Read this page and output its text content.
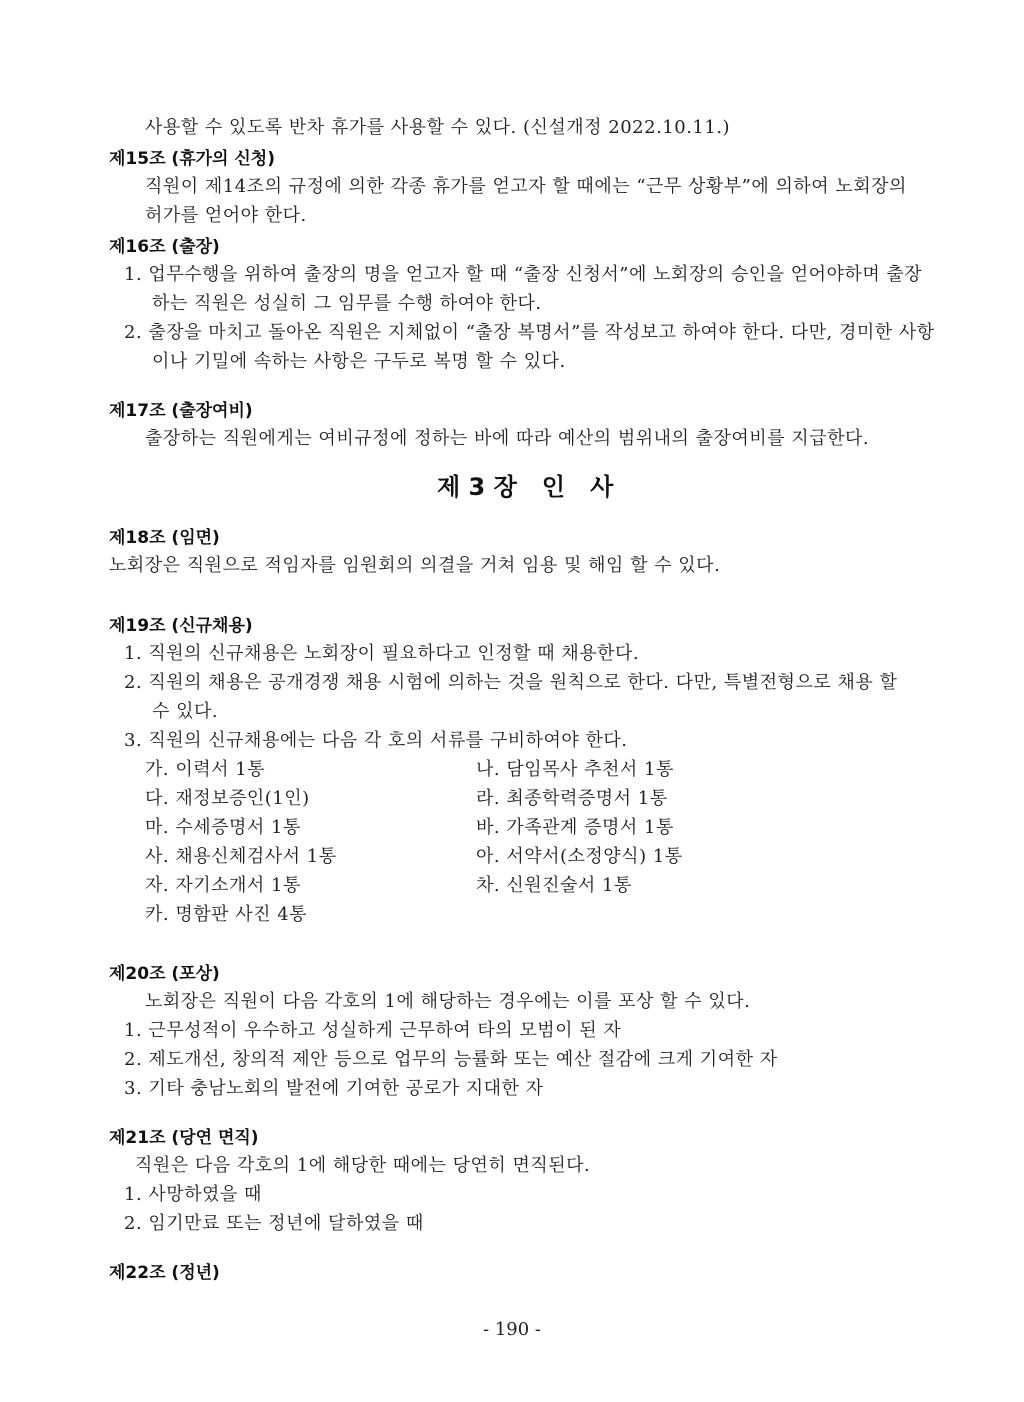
사용할 수 있도록 반차 휴가를 사용할 수 있다. (신설개정 2022.10.11.)
제15조 (휴가의 신청)
직원이 제14조의 규정에 의한 각종 휴가를 얻고자 할 때에는 “근무 상황부”에 의하여 노회장의
허가를 얻어야 한다.
제16조 (출장)
1. 업무수행을 위하여 출장의 명을 얻고자 할 때 “출장 신청서”에 노회장의 승인을 얻어야하며 출장
하는 직원은 성실히 그 임무를 수행 하여야 한다.
2. 출장을 마치고 돌아온 직원은 지체없이 “출장 복명서”를 작성보고 하여야 한다. 다만, 경미한 사항
이나 기밀에 속하는 사항은 구두로 복명 할 수 있다.
제17조 (출장여비)
출장하는 직원에게는 여비규정에 정하는 바에 따라 예산의 범위내의 출장여비를 지급한다.
제 3 장   인   사
제18조 (임면)
노회장은 직원으로 적임자를 임원회의 의결을 거쳐 임용 및 해임 할 수 있다.
제19조 (신규채용)
1. 직원의 신규채용은 노회장이 필요하다고 인정할 때 채용한다.
2. 직원의 채용은 공개경쟁 채용 시험에 의하는 것을 원칙으로 한다. 다만, 특별전형으로 채용 할
수 있다.
3. 직원의 신규채용에는 다음 각 호의 서류를 구비하여야 한다.
가. 이력서 1통	나. 담임목사 추천서 1통
다. 재정보증인(1인)	라. 최종학력증명서 1통
마. 수세증명서 1통	바. 가족관계 증명서 1통
사. 채용신체검사서 1통	아. 서약서(소정양식) 1통
자. 자기소개서 1통	차. 신원진술서 1통
카. 명함판 사진 4통
제20조 (포상)
노회장은 직원이 다음 각호의 1에 해당하는 경우에는 이를 포상 할 수 있다.
1. 근무성적이 우수하고 성실하게 근무하여 타의 모범이 된 자
2. 제도개선, 창의적 제안 등으로 업무의 능률화 또는 예산 절감에 크게 기여한 자
3. 기타 충남노회의 발전에 기여한 공로가 지대한 자
제21조 (당연 면직)
직원은 다음 각호의 1에 해당한 때에는 당연히 면직된다.
1. 사망하였을 때
2. 임기만료 또는 정년에 달하였을 때
제22조 (정년)
- 190 -
